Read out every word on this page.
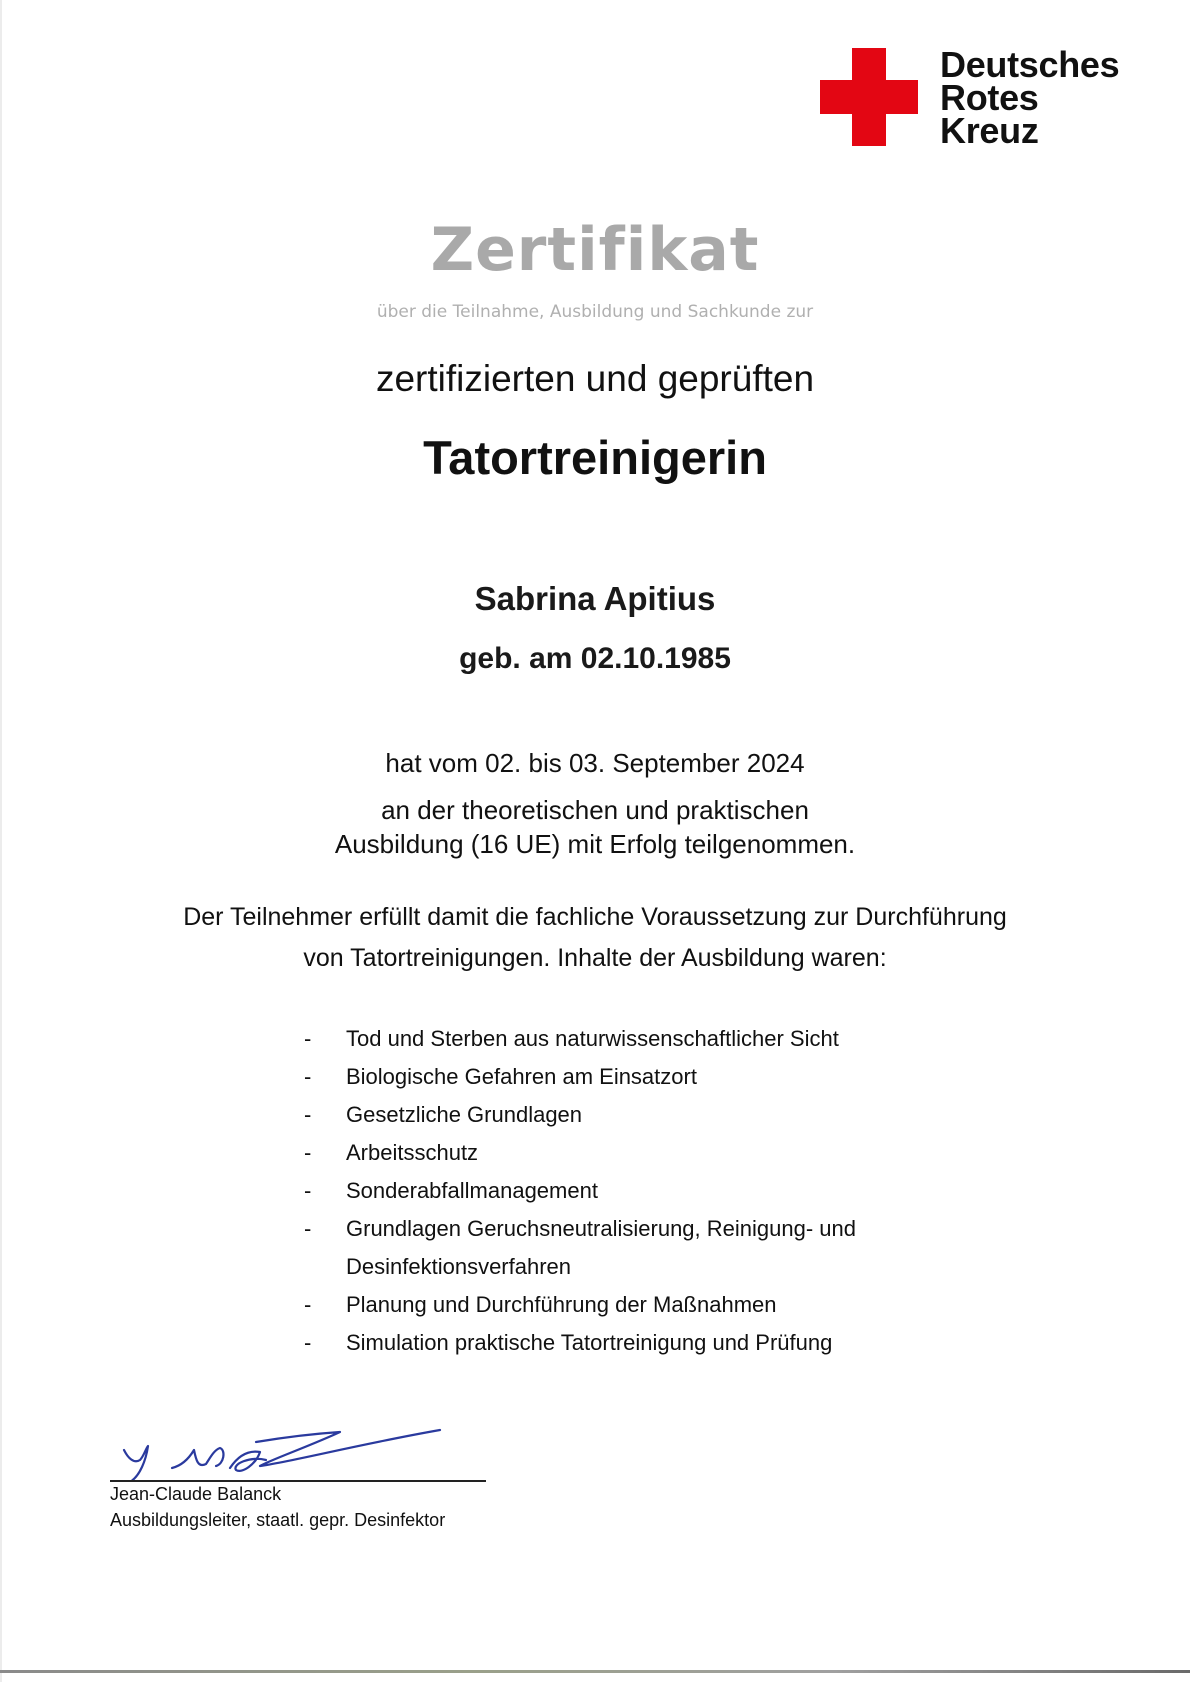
Deutsches
Rotes
Kreuz
Zertifikat
über die Teilnahme, Ausbildung und Sachkunde zur
zertifizierten und geprüften
Tatortreinigerin
Sabrina Apitius
geb. am 02.10.1985
hat vom 02. bis 03. September 2024
an der theoretischen und praktischen
Ausbildung (16 UE) mit Erfolg teilgenommen.
Der Teilnehmer erfüllt damit die fachliche Voraussetzung zur Durchführung
von Tatortreinigungen. Inhalte der Ausbildung waren:
- Tod und Sterben aus naturwissenschaftlicher Sicht
- Biologische Gefahren am Einsatzort
- Gesetzliche Grundlagen
- Arbeitsschutz
- Sonderabfallmanagement
- Grundlagen Geruchsneutralisierung, Reinigung- und
Desinfektionsverfahren
- Planung und Durchführung der Maßnahmen
- Simulation praktische Tatortreinigung und Prüfung
Jean-Claude Balanck
Ausbildungsleiter, staatl. gepr. Desinfektor
